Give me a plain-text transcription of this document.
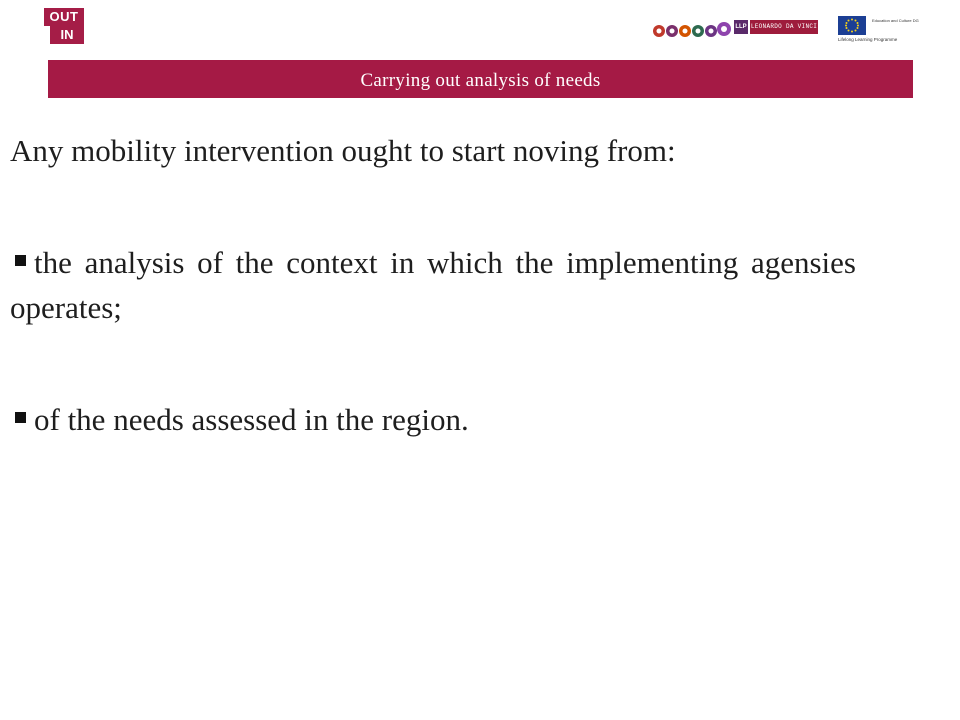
OUT
IN	LLP LEONARDO DA VINCI
Education and Culture DG
Lifelong Learning Programme
Carrying out analysis of needs

Any mobility intervention ought to start noving from:

the analysis of the context in which the implementing agensies operates;

of the needs assessed in the region.
